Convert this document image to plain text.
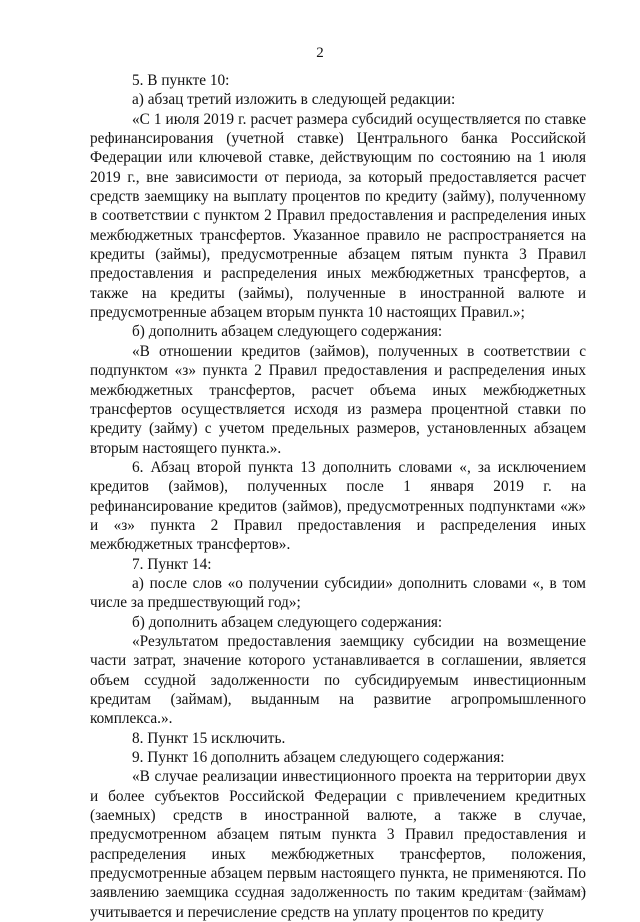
2

5. В пункте 10:

а) абзац третий изложить в следующей редакции:

«С 1 июля 2019 г. расчет размера субсидий осуществляется по ставке рефинансирования (учетной ставке) Центрального банка Российской Федерации или ключевой ставке, действующим по состоянию на 1 июля 2019 г., вне зависимости от периода, за который предоставляется расчет средств заемщику на выплату процентов по кредиту (займу), полученному в соответствии с пунктом 2 Правил предоставления и распределения иных межбюджетных трансфертов. Указанное правило не распространяется на кредиты (займы), предусмотренные абзацем пятым пункта 3 Правил предоставления и распределения иных межбюджетных трансфертов, а также на кредиты (займы), полученные в иностранной валюте и предусмотренные абзацем вторым пункта 10 настоящих Правил.»;

б) дополнить абзацем следующего содержания:

«В отношении кредитов (займов), полученных в соответствии с подпунктом «з» пункта 2 Правил предоставления и распределения иных межбюджетных трансфертов, расчет объема иных межбюджетных трансфертов осуществляется исходя из размера процентной ставки по кредиту (займу) с учетом предельных размеров, установленных абзацем вторым настоящего пункта.».

6. Абзац второй пункта 13 дополнить словами «, за исключением кредитов (займов), полученных после 1 января 2019 г. на рефинансирование кредитов (займов), предусмотренных подпунктами «ж» и «з» пункта 2 Правил предоставления и распределения иных межбюджетных трансфертов».

7. Пункт 14:

а) после слов «о получении субсидии» дополнить словами «, в том числе за предшествующий год»;

б) дополнить абзацем следующего содержания:

«Результатом предоставления заемщику субсидии на возмещение части затрат, значение которого устанавливается в соглашении, является объем ссудной задолженности по субсидируемым инвестиционным кредитам (займам), выданным на развитие агропромышленного комплекса.».

8. Пункт 15 исключить.

9. Пункт 16 дополнить абзацем следующего содержания:

«В случае реализации инвестиционного проекта на территории двух и более субъектов Российской Федерации с привлечением кредитных (заемных) средств в иностранной валюте, а также в случае, предусмотренном абзацем пятым пункта 3 Правил предоставления и распределения иных межбюджетных трансфертов, положения, предусмотренные абзацем первым настоящего пункта, не применяются. По заявлению заемщика ссудная задолженность по таким кредитам (займам) учитывается и перечисление средств на уплату процентов по кредиту
